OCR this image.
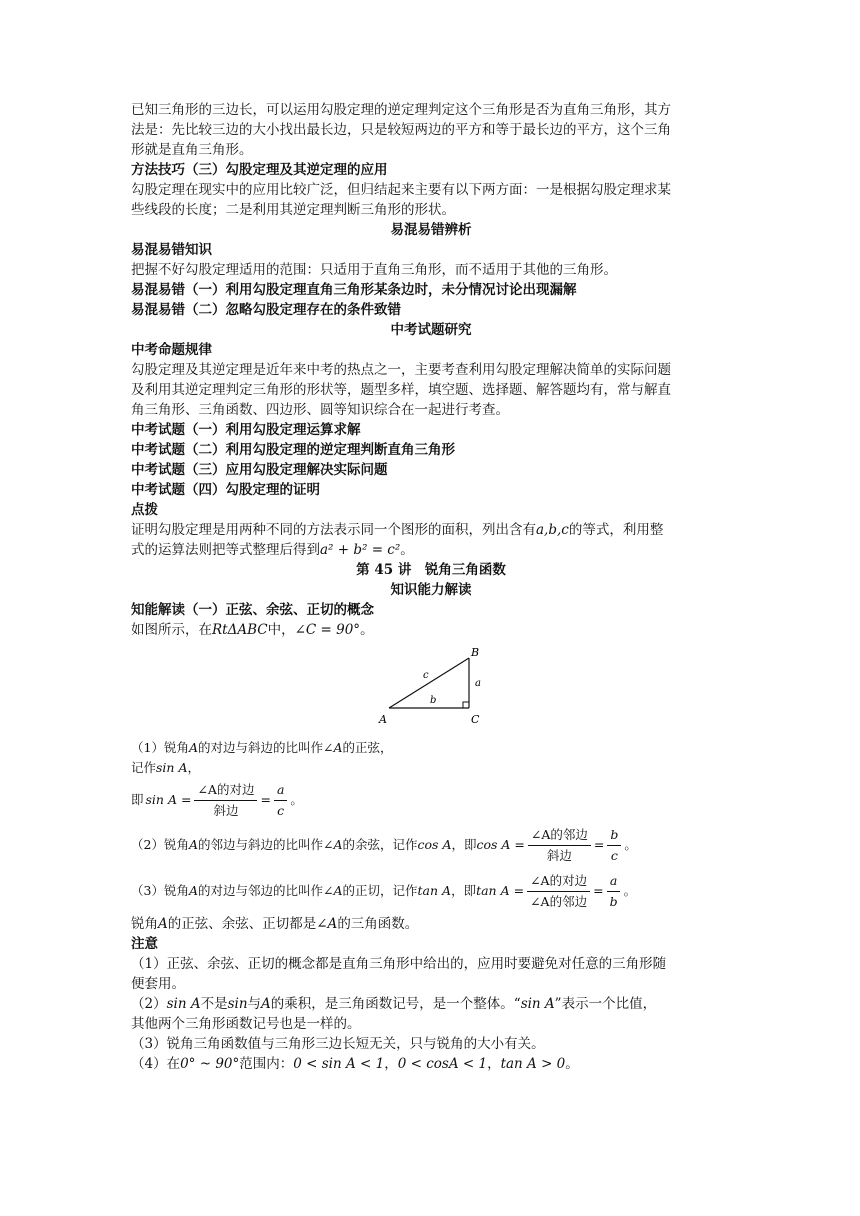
已知三角形的三边长，可以运用勾股定理的逆定理判定这个三角形是否为直角三角形，其方
法是：先比较三边的大小找出最长边，只是较短两边的平方和等于最长边的平方，这个三角
形就是直角三角形。
方法技巧（三）勾股定理及其逆定理的应用
勾股定理在现实中的应用比较广泛，但归结起来主要有以下两方面：一是根据勾股定理求某
些线段的长度；二是利用其逆定理判断三角形的形状。
易混易错辨析
易混易错知识
把握不好勾股定理适用的范围：只适用于直角三角形，而不适用于其他的三角形。
易混易错（一）利用勾股定理直角三角形某条边时，未分情况讨论出现漏解
易混易错（二）忽略勾股定理存在的条件致错
中考试题研究
中考命题规律
勾股定理及其逆定理是近年来中考的热点之一，主要考查利用勾股定理解决简单的实际问题
及利用其逆定理判定三角形的形状等，题型多样，填空题、选择题、解答题均有，常与解直
角三角形、三角函数、四边形、圆等知识综合在一起进行考查。
中考试题（一）利用勾股定理运算求解
中考试题（二）利用勾股定理的逆定理判断直角三角形
中考试题（三）应用勾股定理解决实际问题
中考试题（四）勾股定理的证明
点拨
证明勾股定理是用两种不同的方法表示同一个图形的面积，列出含有a,b,c的等式，利用整
式的运算法则把等式整理后得到a² + b² = c²。
第 45 讲　锐角三角函数
知识能力解读
知能解读（一）正弦、余弦、正切的概念
如图所示，在RtΔABC中，∠C = 90°。
B
A	C
a
b
c
（1）锐角A的对边与斜边的比叫作∠A的正弦，
记作sin A，
即 $\sin A = \frac{\text{∠A的对边}}{\text{斜边}} = \frac{a}{c}$ 。
（2）锐角 A 的邻边与斜边的比叫作 ∠A 的余弦，记作 cos A ，即 $\cos A = \frac{\text{∠A的邻边}}{\text{斜边}} = \frac{b}{c}$ 。
（3）锐角 A 的对边与邻边的比叫作 ∠A 的正切，记作 tan A ，即 $\tan A = \frac{\text{∠A的对边}}{\text{∠A的邻边}} = \frac{a}{b}$ 。
锐角A的正弦、余弦、正切都是∠A的三角函数。
注意
（1）正弦、余弦、正切的概念都是直角三角形中给出的，应用时要避免对任意的三角形随
便套用。
（2）sin A不是sin与A的乘积，是三角函数记号，是一个整体。“sin A”表示一个比值，
其他两个三角形函数记号也是一样的。
（3）锐角三角函数值与三角形三边长短无关，只与锐角的大小有关。
（4）在0° ~ 90°范围内：0 < sin A < 1，0 < cosA < 1，tan A > 0。
